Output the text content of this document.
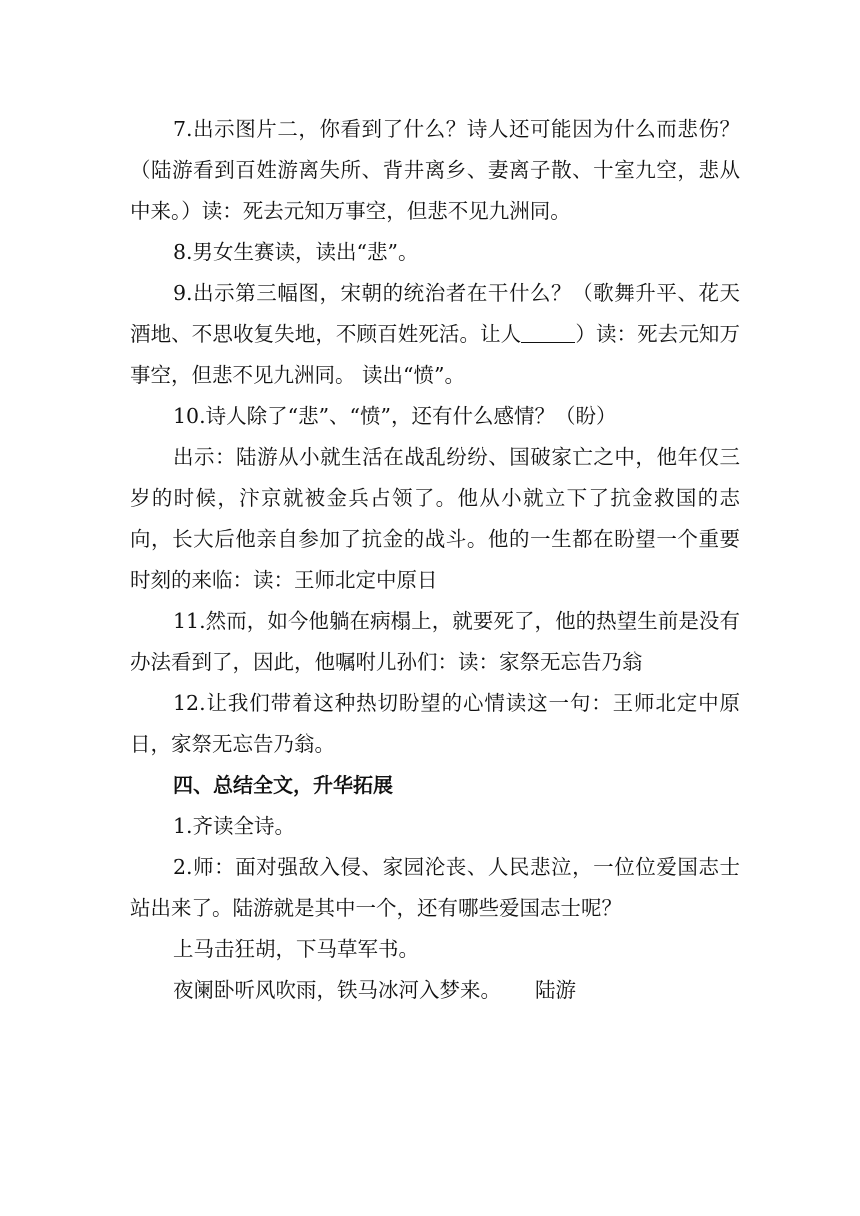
7.出示图片二，你看到了什么？诗人还可能因为什么而悲伤？（陆游看到百姓游离失所、背井离乡、妻离子散、十室九空，悲从中来。）读：死去元知万事空，但悲不见九洲同。

8.男女生赛读，读出“悲”。

9.出示第三幅图，宋朝的统治者在干什么？（歌舞升平、花天酒地、不思收复失地，不顾百姓死活。让人	）读：死去元知万事空，但悲不见九洲同。 读出“愤”。

10.诗人除了“悲”、“愤”，还有什么感情？（盼）

出示：陆游从小就生活在战乱纷纷、国破家亡之中，他年仅三岁的时候，汴京就被金兵占领了。他从小就立下了抗金救国的志向，长大后他亲自参加了抗金的战斗。他的一生都在盼望一个重要时刻的来临：读：王师北定中原日

11.然而，如今他躺在病榻上，就要死了，他的热望生前是没有办法看到了，因此，他嘱咐儿孙们：读：家祭无忘告乃翁

12.让我们带着这种热切盼望的心情读这一句：王师北定中原日，家祭无忘告乃翁。

四、总结全文，升华拓展

1.齐读全诗。

2.师：面对强敌入侵、家园沦丧、人民悲泣，一位位爱国志士站出来了。陆游就是其中一个，还有哪些爱国志士呢？

上马击狂胡，下马草军书。

夜阑卧听风吹雨，铁马冰河入梦来。 陆游
